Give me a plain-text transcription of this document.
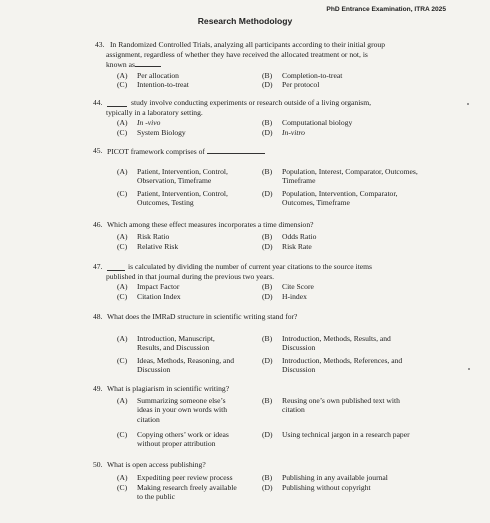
PhD Entrance Examination, ITRA 2025
Research Methodology
43. In Randomized Controlled Trials, analyzing all participants according to their initial group
assignment, regardless of whether they have received the allocated treatment or not, is
known as
(A) Per allocation	(B) Completion-to-treat
(C) Intention-to-treat	(D) Per protocol
44.	study involve conducting experiments or research outside of a living organism,
typically in a laboratory setting.
(A) In -vivo	(B) Computational biology
(C) System Biology	(D) In-vitro
45. PICOT framework comprises of
(A) Patient, Intervention, Control,
Observation, Timeframe
(B) Population, Interest, Comparator, Outcomes,
Timeframe
(C) Patient, Intervention, Control,
Outcomes, Testing
(D) Population, Intervention, Comparator,
Outcomes, Timeframe
46. Which among these effect measures incorporates a time dimension?
(A) Risk Ratio	(B) Odds Ratio
(C) Relative Risk	(D) Risk Rate
47.	is calculated by dividing the number of current year citations to the source items
published in that journal during the previous two years.
(A) Impact Factor	(B) Cite Score
(C) Citation Index	(D) H-index
48. What does the IMRaD structure in scientific writing stand for?
(A) Introduction, Manuscript,
Results, and Discussion
(B) Introduction, Methods, Results, and
Discussion
(C) Ideas, Methods, Reasoning, and
Discussion
(D) Introduction, Methods, References, and
Discussion
49. What is plagiarism in scientific writing?
(A) Summarizing someone else’s
ideas in your own words with
citation
(B) Reusing one’s own published text with
citation
(C) Copying others’ work or ideas
without proper attribution
(D) Using technical jargon in a research paper
50. What is open access publishing?
(A) Expediting peer review process	(B) Publishing in any available journal
(C) Making research freely available
to the public
(D) Publishing without copyright
